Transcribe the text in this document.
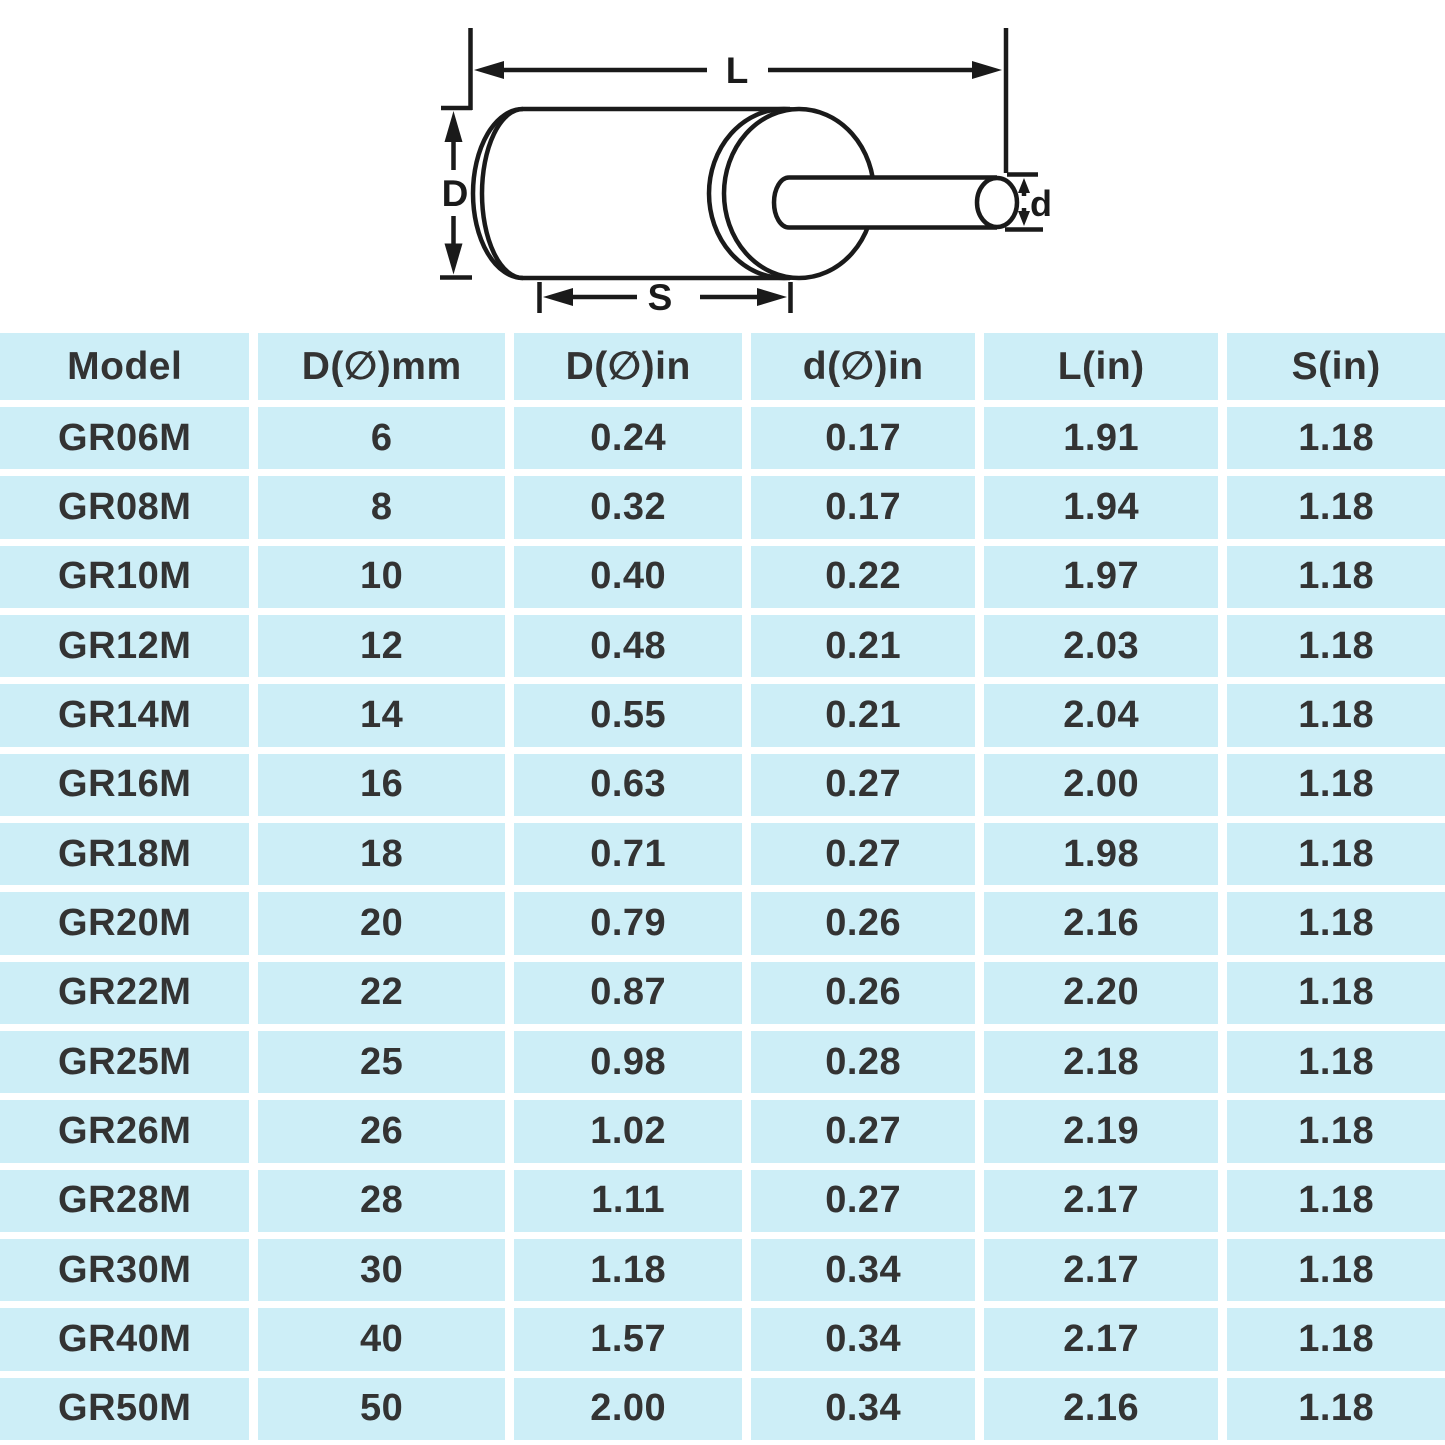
L
D	d
S
Model	D(∅)mm	D(∅)in	d(∅)in	L(in)	S(in)
GR06M	6	0.24	0.17	1.91	1.18
GR08M	8	0.32	0.17	1.94	1.18
GR10M	10	0.40	0.22	1.97	1.18
GR12M	12	0.48	0.21	2.03	1.18
GR14M	14	0.55	0.21	2.04	1.18
GR16M	16	0.63	0.27	2.00	1.18
GR18M	18	0.71	0.27	1.98	1.18
GR20M	20	0.79	0.26	2.16	1.18
GR22M	22	0.87	0.26	2.20	1.18
GR25M	25	0.98	0.28	2.18	1.18
GR26M	26	1.02	0.27	2.19	1.18
GR28M	28	1.11	0.27	2.17	1.18
GR30M	30	1.18	0.34	2.17	1.18
GR40M	40	1.57	0.34	2.17	1.18
GR50M	50	2.00	0.34	2.16	1.18
